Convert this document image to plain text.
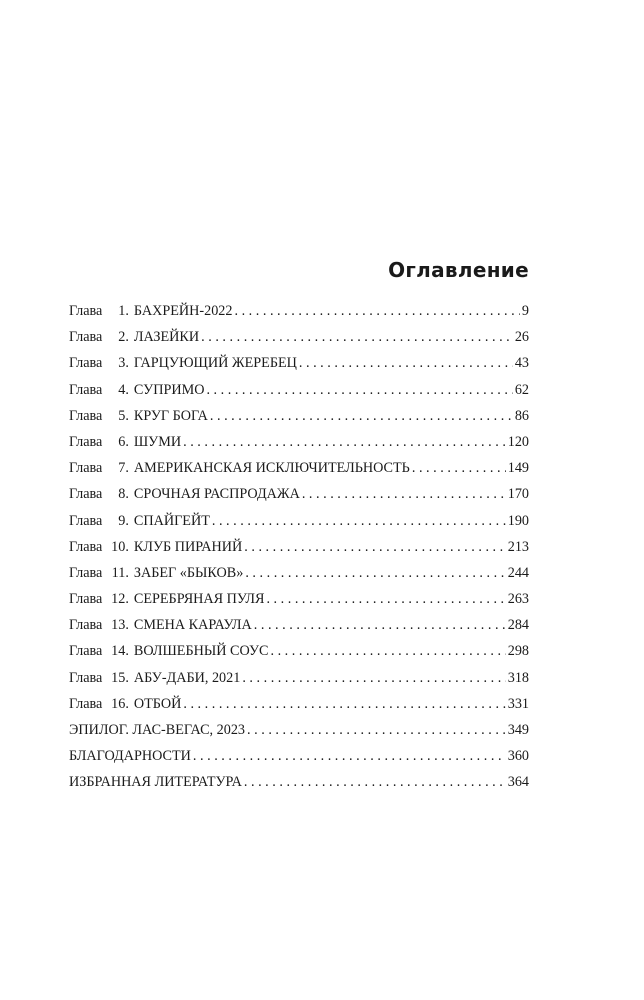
Оглавление
Глава	1 . БАХРЕЙН-2022 . . .	9
Глава	2 . ЛАЗЕЙКИ . . .	26
Глава	3 . ГАРЦУЮЩИЙ ЖЕРЕБЕЦ . . .	43
Глава	4 . СУПРИМО . . .	62
Глава	5 . КРУГ БОГА . . .	86
Глава	6 . ШУМИ . . .	120
Глава	7 . АМЕРИКАНСКАЯ ИСКЛЮЧИТЕЛЬНОСТЬ . . .	149
Глава	8 . СРОЧНАЯ РАСПРОДАЖА . . .	170
Глава	9 . СПАЙГЕЙТ . . .	190
Глава 10 . КЛУБ ПИРАНИЙ . . .	213
Глава 11 . ЗАБЕГ «БЫКОВ» . . .	244
Глава 12 . СЕРЕБРЯНАЯ ПУЛЯ . . .	263
Глава 13 . СМЕНА КАРАУЛА . . .	284
Глава 14 . ВОЛШЕБНЫЙ СОУС . . .	298
Глава 15 . АБУ-ДАБИ, 2021 . . .	318
Глава 16 . ОТБОЙ . . .	331
ЭПИЛОГ. ЛАС-ВЕГАС, 2023 . . .	349
БЛАГОДАРНОСТИ . . .	360
ИЗБРАННАЯ ЛИТЕРАТУРА . . .	364
